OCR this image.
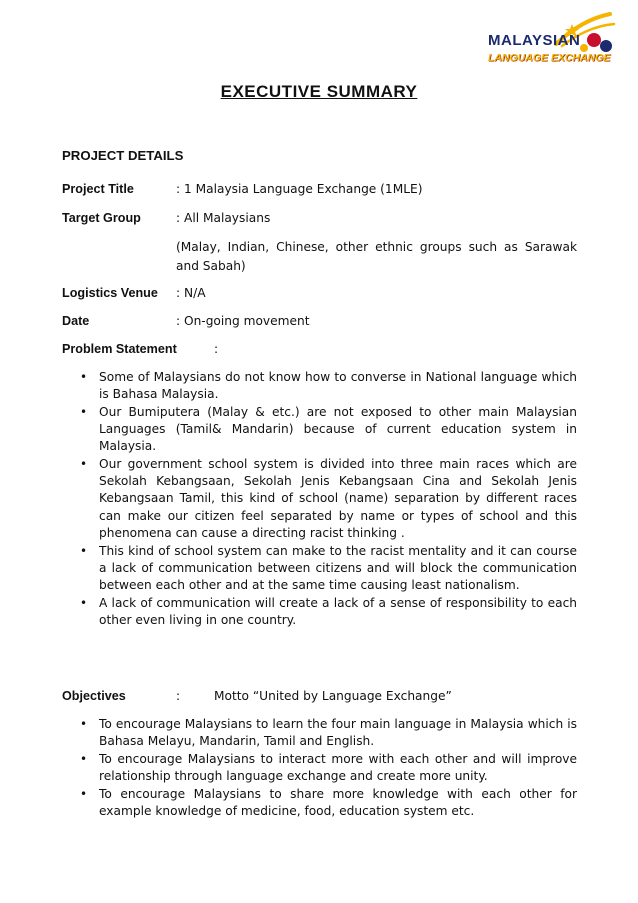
MALAYSIAN
LANGUAGE EXCHANGE
EXECUTIVE SUMMARY
PROJECT DETAILS
Project Title	: 1 Malaysia Language Exchange (1MLE)
Target Group	: All Malaysians
(Malay, Indian, Chinese, other ethnic groups such as Sarawak and Sabah)
Logistics Venue : N/A
Date	: On-going movement
Problem Statement	:
• Some of Malaysians do not know how to converse in National language which is Bahasa Malaysia.
• Our Bumiputera (Malay & etc.) are not exposed to other main Malaysian Languages (Tamil& Mandarin) because of current education system in Malaysia.
• Our government school system is divided into three main races which are Sekolah Kebangsaan, Sekolah Jenis Kebangsaan Cina and Sekolah Jenis Kebangsaan Tamil, this kind of school (name) separation by different races can make our citizen feel separated by name or types of school and this phenomena can cause a directing racist thinking .
• This kind of school system can make to the racist mentality and it can course a lack of communication between citizens and will block the communication between each other and at the same time causing least nationalism.
• A lack of communication will create a lack of a sense of responsibility to each other even living in one country.
Objectives	:	Motto “United by Language Exchange”
• To encourage Malaysians to learn the four main language in Malaysia which is Bahasa Melayu, Mandarin, Tamil and English.
• To encourage Malaysians to interact more with each other and will improve relationship through language exchange and create more unity.
• To encourage Malaysians to share more knowledge with each other for example knowledge of medicine, food, education system etc.
